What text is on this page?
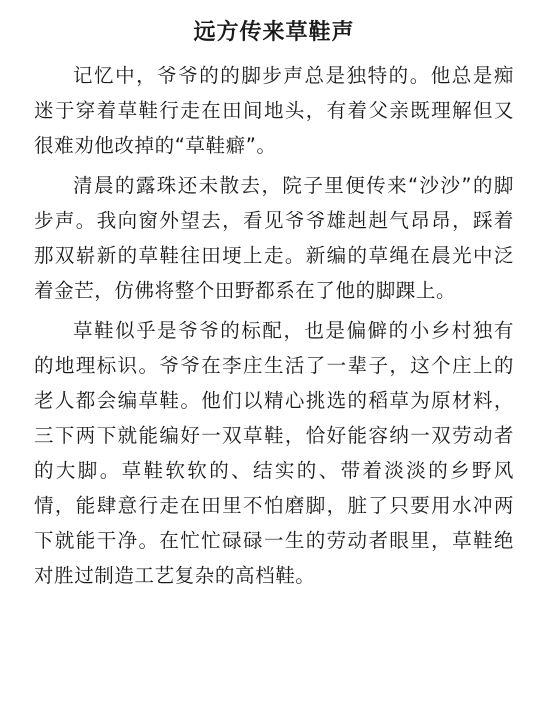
远方传来草鞋声

记忆中，爷爷的的脚步声总是独特的。他总是痴迷于穿着草鞋行走在田间地头，有着父亲既理解但又很难劝他改掉的“草鞋癖”。

清晨的露珠还未散去，院子里便传来“沙沙”的脚步声。我向窗外望去，看见爷爷雄赳赳气昂昂，踩着那双崭新的草鞋往田埂上走。新编的草绳在晨光中泛着金芒，仿佛将整个田野都系在了他的脚踝上。

草鞋似乎是爷爷的标配，也是偏僻的小乡村独有的地理标识。爷爷在李庄生活了一辈子，这个庄上的老人都会编草鞋。他们以精心挑选的稻草为原材料，三下两下就能编好一双草鞋，恰好能容纳一双劳动者的大脚。草鞋软软的、结实的、带着淡淡的乡野风情，能肆意行走在田里不怕磨脚，脏了只要用水冲两下就能干净。在忙忙碌碌一生的劳动者眼里，草鞋绝对胜过制造工艺复杂的高档鞋。
